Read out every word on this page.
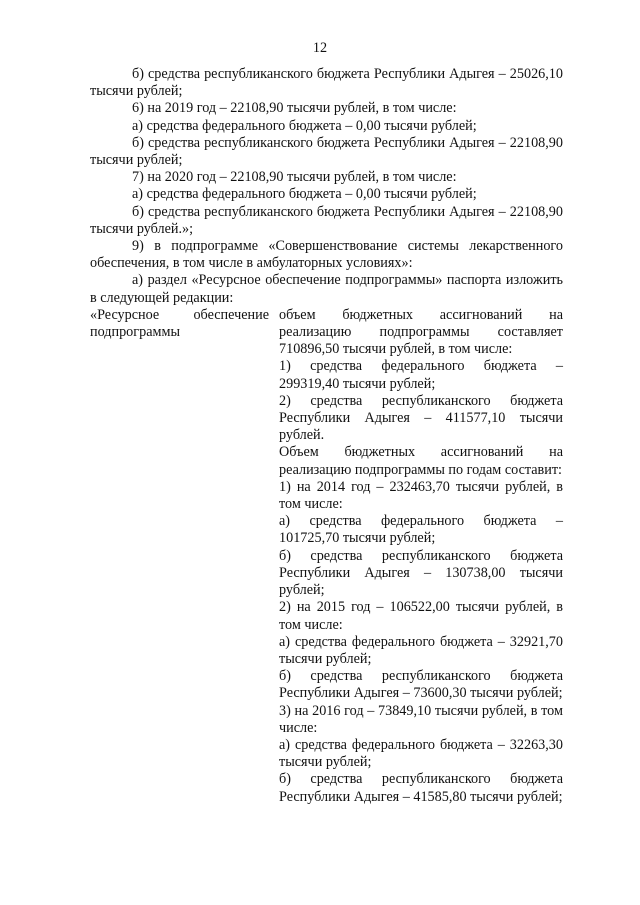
12

б) средства республиканского бюджета Республики Адыгея – 25026,10 тысячи рублей;

6) на 2019 год – 22108,90 тысячи рублей, в том числе:

а) средства федерального бюджета – 0,00 тысячи рублей;

б) средства республиканского бюджета Республики Адыгея – 22108,90 тысячи рублей;

7) на 2020 год – 22108,90 тысячи рублей, в том числе:

а) средства федерального бюджета – 0,00 тысячи рублей;

б) средства республиканского бюджета Республики Адыгея – 22108,90 тысячи рублей.»;

9) в подпрограмме «Совершенствование системы лекарственного обеспечения, в том числе в амбулаторных условиях»:

а) раздел «Ресурсное обеспечение подпрограммы» паспорта изложить в следующей редакции:

«Ресурсное обеспечение

подпрограммы

объем бюджетных ассигнований на реализацию подпрограммы составляет 710896,50 тысячи рублей, в том числе:

1) средства федерального бюджета – 299319,40 тысячи рублей;

2) средства республиканского бюджета Республики Адыгея – 411577,10 тысячи рублей.

Объем бюджетных ассигнований на реализацию подпрограммы по годам составит:

1) на 2014 год – 232463,70 тысячи рублей, в том числе:

а) средства федерального бюджета – 101725,70 тысячи рублей;

б) средства республиканского бюджета Республики Адыгея – 130738,00 тысячи рублей;

2) на 2015 год – 106522,00 тысячи рублей, в том числе:

а) средства федерального бюджета – 32921,70 тысячи рублей;

б) средства республиканского бюджета Республики Адыгея – 73600,30 тысячи рублей;

3) на 2016 год – 73849,10 тысячи рублей, в том числе:

а) средства федерального бюджета – 32263,30 тысячи рублей;

б) средства республиканского бюджета Республики Адыгея – 41585,80 тысячи рублей;
